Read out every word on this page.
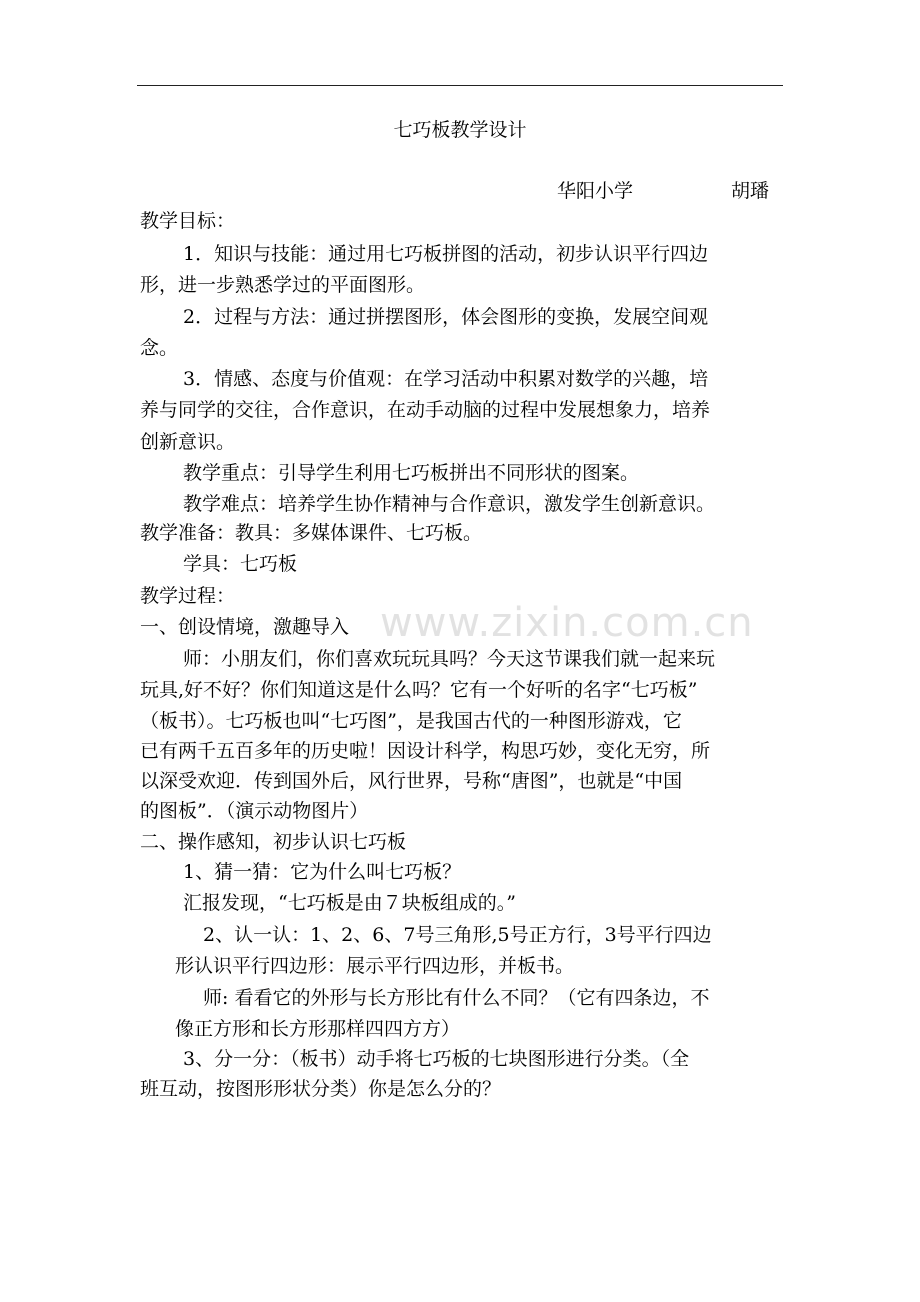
www.zixin.com.cn
七巧板教学设计
华阳小学	胡璠
教学目标：
1．知识与技能：通过用七巧板拼图的活动，初步认识平行四边
形，进一步熟悉学过的平面图形。
2．过程与方法：通过拼摆图形，体会图形的变换，发展空间观
念。
3．情感、态度与价值观：在学习活动中积累对数学的兴趣，培
养与同学的交往，合作意识，在动手动脑的过程中发展想象力，培养
创新意识。
教学重点：引导学生利用七巧板拼出不同形状的图案。
教学难点：培养学生协作精神与合作意识，激发学生创新意识。
教学准备：教具：多媒体课件、七巧板。
学具：七巧板
教学过程：
一、创设情境，激趣导入
师：小朋友们，你们喜欢玩玩具吗？今天这节课我们就一起来玩
玩具,好不好？你们知道这是什么吗？它有一个好听的名字“七巧板”
（板书）。七巧板也叫“七巧图”，是我国古代的一种图形游戏，它
已有两千五百多年的历史啦！因设计科学，构思巧妙，变化无穷，所
以深受欢迎．传到国外后，风行世界，号称“唐图”，也就是“中国
的图板”．（演示动物图片）
二、操作感知，初步认识七巧板
1、猜一猜：它为什么叫七巧板？
汇报发现，“七巧板是由７块板组成的。”
2、认一认：1、2、6、7号三角形,5号正方行，3号平行四边
形认识平行四边形：展示平行四边形，并板书。
师: 看看它的外形与长方形比有什么不同？（它有四条边，不
像正方形和长方形那样四四方方）
3、分一分：（板书）动手将七巧板的七块图形进行分类。（全
班互动，按图形形状分类）你是怎么分的？
